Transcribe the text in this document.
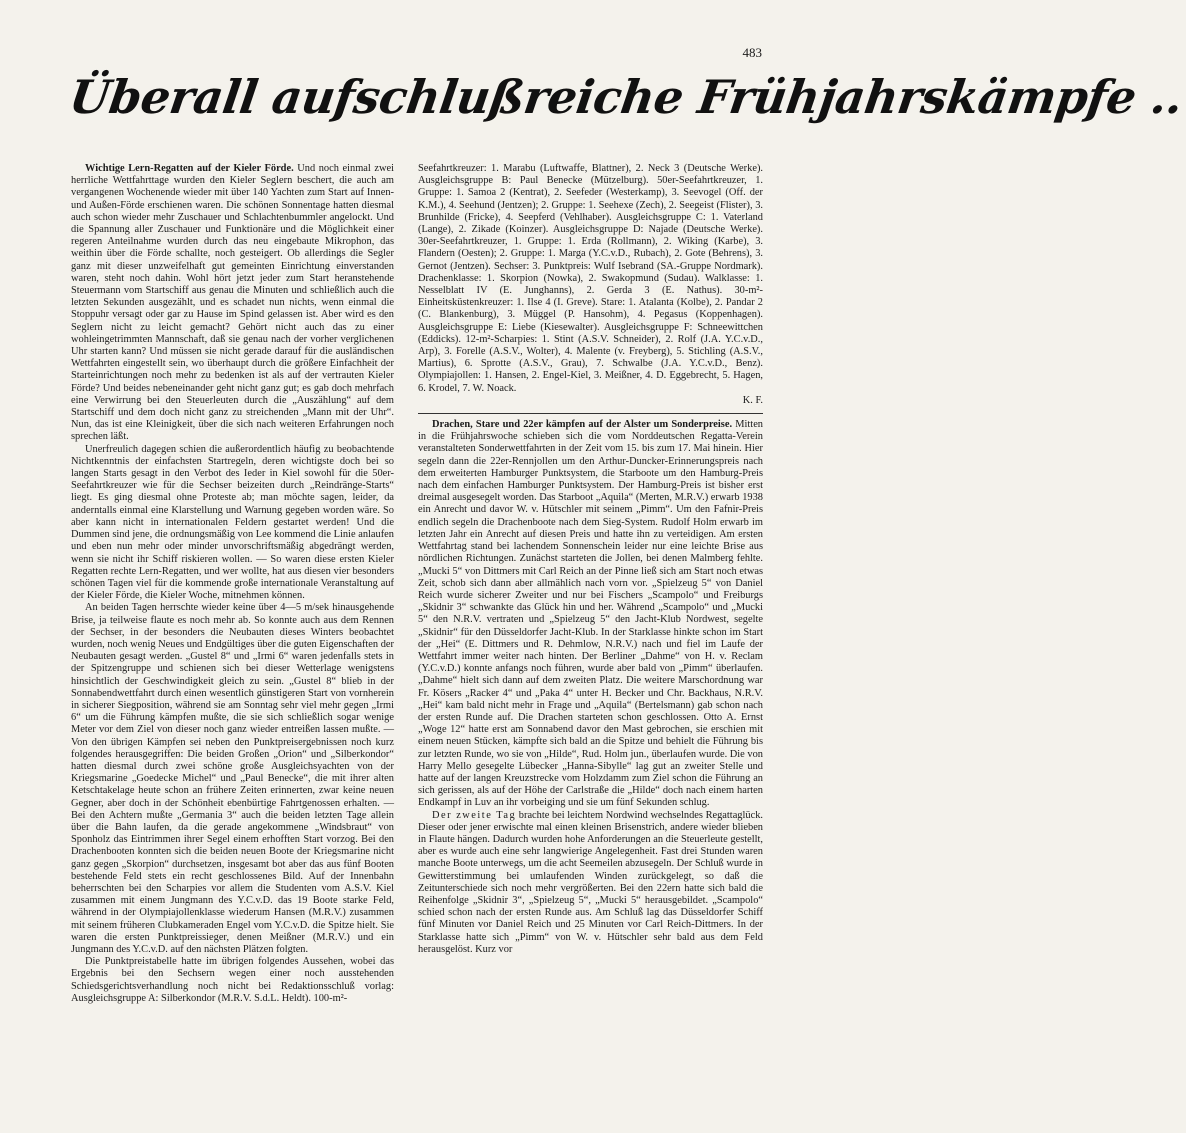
483
Überall aufschlußreiche Frühjahrskämpfe ..

Wichtige Lern-Regatten auf der Kieler Förde. Und noch einmal zwei herrliche Wettfahrttage wurden den Kieler Seglern beschert, die auch am vergangenen Wochenende wieder mit über 140 Yachten zum Start auf Innen- und Außen-Förde erschienen waren. Die schönen Sonnentage hatten diesmal auch schon wieder mehr Zuschauer und Schlachtenbummler angelockt. Und die Spannung aller Zuschauer und Funktionäre und die Möglichkeit einer regeren Anteilnahme wurden durch das neu eingebaute Mikrophon, das weithin über die Förde schallte, noch gesteigert. Ob allerdings die Segler ganz mit dieser unzweifelhaft gut gemeinten Einrichtung einverstanden waren, steht noch dahin. Wohl hört jetzt jeder zum Start heranstehende Steuermann vom Startschiff aus genau die Minuten und schließlich auch die letzten Sekunden ausgezählt, und es schadet nun nichts, wenn einmal die Stoppuhr versagt oder gar zu Hause im Spind gelassen ist. Aber wird es den Seglern nicht zu leicht gemacht? Gehört nicht auch das zu einer wohleingetrimmten Mannschaft, daß sie genau nach der vorher verglichenen Uhr starten kann? Und müssen sie nicht gerade darauf für die ausländischen Wettfahrten eingestellt sein, wo überhaupt durch die größere Einfachheit der Starteinrichtungen noch mehr zu bedenken ist als auf der vertrauten Kieler Förde? Und beides nebeneinander geht nicht ganz gut; es gab doch mehrfach eine Verwirrung bei den Steuerleuten durch die „Auszählung“ auf dem Startschiff und dem doch nicht ganz zu streichenden „Mann mit der Uhr“. Nun, das ist eine Kleinigkeit, über die sich nach weiteren Erfahrungen noch sprechen läßt.

Unerfreulich dagegen schien die außerordentlich häufig zu beobachtende Nichtkenntnis der einfachsten Startregeln, deren wichtigste doch bei so langen Starts gesagt in den Verbot des Ieder in Kiel sowohl für die 50er-Seefahrtkreuzer wie für die Sechser beizeiten durch „Reindränge-Starts“ liegt. Es ging diesmal ohne Proteste ab; man möchte sagen, leider, da anderntalls einmal eine Klarstellung und Warnung gegeben worden wäre. So aber kann nicht in internationalen Feldern gestartet werden! Und die Dummen sind jene, die ordnungsmäßig von Lee kommend die Linie anlaufen und eben nun mehr oder minder unvorschriftsmäßig abgedrängt werden, wenn sie nicht ihr Schiff riskieren wollen. — So waren diese ersten Kieler Regatten rechte Lern-Regatten, und wer wollte, hat aus diesen vier besonders schönen Tagen viel für die kommende große internationale Veranstaltung auf der Kieler Förde, die Kieler Woche, mitnehmen können.

An beiden Tagen herrschte wieder keine über 4—5 m/sek hinausgehende Brise, ja teilweise flaute es noch mehr ab. So konnte auch aus dem Rennen der Sechser, in der besonders die Neubauten dieses Winters beobachtet wurden, noch wenig Neues und Endgültiges über die guten Eigenschaften der Neubauten gesagt werden. „Gustel 8“ und „Irmi 6“ waren jedenfalls stets in der Spitzengruppe und schienen sich bei dieser Wetterlage wenigstens hinsichtlich der Geschwindigkeit gleich zu sein. „Gustel 8“ blieb in der Sonnabendwettfahrt durch einen wesentlich günstigeren Start von vornherein in sicherer Siegposition, während sie am Sonntag sehr viel mehr gegen „Irmi 6“ um die Führung kämpfen mußte, die sie sich schließlich sogar wenige Meter vor dem Ziel von dieser noch ganz wieder entreißen lassen mußte. — Von den übrigen Kämpfen sei neben den Punktpreisergebnissen noch kurz folgendes herausgegriffen: Die beiden Großen „Orion“ und „Silberkondor“ hatten diesmal durch zwei schöne große Ausgleichsyachten von der Kriegsmarine „Goedecke Michel“ und „Paul Benecke“, die mit ihrer alten Ketschtakelage heute schon an frühere Zeiten erinnerten, zwar keine neuen Gegner, aber doch in der Schönheit ebenbürtige Fahrtgenossen erhalten. — Bei den Achtern mußte „Germania 3“ auch die beiden letzten Tage allein über die Bahn laufen, da die gerade angekommene „Windsbraut“ von Sponholz das Eintrimmen ihrer Segel einem erhofften Start vorzog. Bei den Drachenbooten konnten sich die beiden neuen Boote der Kriegsmarine nicht ganz gegen „Skorpion“ durchsetzen, insgesamt bot aber das aus fünf Booten bestehende Feld stets ein recht geschlossenes Bild. Auf der Innenbahn beherrschten bei den Scharpies vor allem die Studenten vom A.S.V. Kiel zusammen mit einem Jungmann des Y.C.v.D. das 19 Boote starke Feld, während in der Olympiajollenklasse wiederum Hansen (M.R.V.) zusammen mit seinem früheren Clubkameraden Engel vom Y.C.v.D. die Spitze hielt. Sie waren die ersten Punktpreissieger, denen Meißner (M.R.V.) und ein Jungmann des Y.C.v.D. auf den nächsten Plätzen folgten.

Die Punktpreistabelle hatte im übrigen folgendes Aussehen, wobei das Ergebnis bei den Sechsern wegen einer noch ausstehenden Schiedsgerichtsverhandlung noch nicht bei Redaktionsschluß vorlag: Ausgleichsgruppe A: Silberkondor (M.R.V. S.d.L. Heldt). 100-m²-

Seefahrtkreuzer: 1. Marabu (Luftwaffe, Blattner), 2. Neck 3 (Deutsche Werke). Ausgleichsgruppe B: Paul Benecke (Mützelburg). 50er-Seefahrtkreuzer, 1. Gruppe: 1. Samoa 2 (Kentrat), 2. Seefeder (Westerkamp), 3. Seevogel (Off. der K.M.), 4. Seehund (Jentzen); 2. Gruppe: 1. Seehexe (Zech), 2. Seegeist (Flister), 3. Brunhilde (Fricke), 4. Seepferd (Vehlhaber). Ausgleichsgruppe C: 1. Vaterland (Lange), 2. Zikade (Koinzer). Ausgleichsgruppe D: Najade (Deutsche Werke). 30er-Seefahrtkreuzer, 1. Gruppe: 1. Erda (Rollmann), 2. Wiking (Karbe), 3. Flandern (Oesten); 2. Gruppe: 1. Marga (Y.C.v.D., Rubach), 2. Gote (Behrens), 3. Gernot (Jentzen). Sechser: 3. Punktpreis: Wulf Isebrand (SA.-Gruppe Nordmark). Drachenklasse: 1. Skorpion (Nowka), 2. Swakopmund (Sudau). Walklasse: 1. Nesselblatt IV (E. Junghanns), 2. Gerda 3 (E. Nathus). 30-m²-Einheitsküstenkreuzer: 1. Ilse 4 (I. Greve). Stare: 1. Atalanta (Kolbe), 2. Pandar 2 (C. Blankenburg), 3. Müggel (P. Hansohm), 4. Pegasus (Koppenhagen). Ausgleichsgruppe E: Liebe (Kiesewalter). Ausgleichsgruppe F: Schneewittchen (Eddicks). 12-m²-Scharpies: 1. Stint (A.S.V. Schneider), 2. Rolf (J.A. Y.C.v.D., Arp), 3. Forelle (A.S.V., Wolter), 4. Malente (v. Freyberg), 5. Stichling (A.S.V., Martius), 6. Sprotte (A.S.V., Grau), 7. Schwalbe (J.A. Y.C.v.D., Benz). Olympiajollen: 1. Hansen, 2. Engel-Kiel, 3. Meißner, 4. D. Eggebrecht, 5. Hagen, 6. Krodel, 7. W. Noack.

K. F.

Drachen, Stare und 22er kämpfen auf der Alster um Sonderpreise. Mitten in die Frühjahrswoche schieben sich die vom Norddeutschen Regatta-Verein veranstalteten Sonderwettfahrten in der Zeit vom 15. bis zum 17. Mai hinein. Hier segeln dann die 22er-Rennjollen um den Arthur-Duncker-Erinnerungspreis nach dem erweiterten Hamburger Punktsystem, die Starboote um den Hamburg-Preis nach dem einfachen Hamburger Punktsystem. Der Hamburg-Preis ist bisher erst dreimal ausgesegelt worden. Das Starboot „Aquila“ (Merten, M.R.V.) erwarb 1938 ein Anrecht und davor W. v. Hütschler mit seinem „Pimm“. Um den Fafnir-Preis endlich segeln die Drachenboote nach dem Sieg-System. Rudolf Holm erwarb im letzten Jahr ein Anrecht auf diesen Preis und hatte ihn zu verteidigen. Am ersten Wettfahrtag stand bei lachendem Sonnenschein leider nur eine leichte Brise aus nördlichen Richtungen. Zunächst starteten die Jollen, bei denen Malmberg fehlte. „Mucki 5“ von Dittmers mit Carl Reich an der Pinne ließ sich am Start noch etwas Zeit, schob sich dann aber allmählich nach vorn vor. „Spielzeug 5“ von Daniel Reich wurde sicherer Zweiter und nur bei Fischers „Scampolo“ und Freiburgs „Skidnir 3“ schwankte das Glück hin und her. Während „Scampolo“ und „Mucki 5“ den N.R.V. vertraten und „Spielzeug 5“ den Jacht-Klub Nordwest, segelte „Skidnir“ für den Düsseldorfer Jacht-Klub. In der Starklasse hinkte schon im Start der „Hei“ (E. Dittmers und R. Dehmlow, N.R.V.) nach und fiel im Laufe der Wettfahrt immer weiter nach hinten. Der Berliner „Dahme“ von H. v. Reclam (Y.C.v.D.) konnte anfangs noch führen, wurde aber bald von „Pimm“ überlaufen. „Dahme“ hielt sich dann auf dem zweiten Platz. Die weitere Marschordnung war Fr. Kösers „Racker 4“ und „Paka 4“ unter H. Becker und Chr. Backhaus, N.R.V. „Hei“ kam bald nicht mehr in Frage und „Aquila“ (Bertelsmann) gab schon nach der ersten Runde auf. Die Drachen starteten schon geschlossen. Otto A. Ernst „Woge 12“ hatte erst am Sonnabend davor den Mast gebrochen, sie erschien mit einem neuen Stücken, kämpfte sich bald an die Spitze und behielt die Führung bis zur letzten Runde, wo sie von „Hilde“, Rud. Holm jun., überlaufen wurde. Die von Harry Mello gesegelte Lübecker „Hanna-Sibylle“ lag gut an zweiter Stelle und hatte auf der langen Kreuzstrecke vom Holzdamm zum Ziel schon die Führung an sich gerissen, als auf der Höhe der Carlstraße die „Hilde“ doch nach einem harten Endkampf in Luv an ihr vorbeiging und sie um fünf Sekunden schlug.

Der zweite Tag brachte bei leichtem Nordwind wechselndes Regattaglück. Dieser oder jener erwischte mal einen kleinen Brisenstrich, andere wieder blieben in Flaute hängen. Dadurch wurden hohe Anforderungen an die Steuerleute gestellt, aber es wurde auch eine sehr langwierige Angelegenheit. Fast drei Stunden waren manche Boote unterwegs, um die acht Seemeilen abzusegeln. Der Schluß wurde in Gewitterstimmung bei umlaufenden Winden zurückgelegt, so daß die Zeitunterschiede sich noch mehr vergrößerten. Bei den 22ern hatte sich bald die Reihenfolge „Skidnir 3“, „Spielzeug 5“, „Mucki 5“ herausgebildet. „Scampolo“ schied schon nach der ersten Runde aus. Am Schluß lag das Düsseldorfer Schiff fünf Minuten vor Daniel Reich und 25 Minuten vor Carl Reich-Dittmers. In der Starklasse hatte sich „Pimm“ von W. v. Hütschler sehr bald aus dem Feld herausgelöst. Kurz vor
